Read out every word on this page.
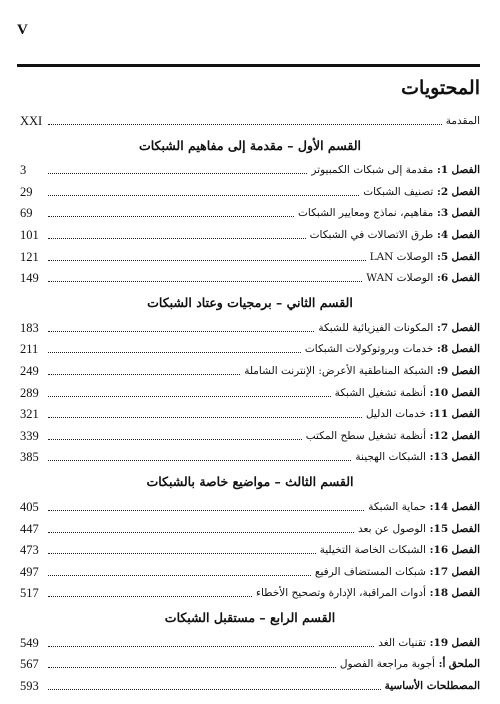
V
المحتويات
المقدمة
XXI
القسم الأول – مقدمة إلى مفاهيم الشبكات
الفصل 1: مقدمة إلى شبكات الكمبيوتر
3
الفصل 2: تصنيف الشبكات
29
الفصل 3: مفاهيم، نماذج ومعايير الشبكات
69
الفصل 4: طرق الاتصالات في الشبكات
101
الفصل 5: الوصلات LAN
121
الفصل 6: الوصلات WAN
149
القسم الثاني – برمجيات وعتاد الشبكات
الفصل 7: المكونات الفيزيائية للشبكة
183
الفصل 8: خدمات وبروتوكولات الشبكات
211
الفصل 9: الشبكة المناطقية الأعرض: الإنترنت الشاملة
249
الفصل 10: أنظمة تشغيل الشبكة
289
الفصل 11: خدمات الدليل
321
الفصل 12: أنظمة تشغيل سطح المكتب
339
الفصل 13: الشبكات الهجينة
385
القسم الثالث – مواضيع خاصة بالشبكات
الفصل 14: حماية الشبكة
405
الفصل 15: الوصول عن بعد
447
الفصل 16: الشبكات الخاصة التخيلية
473
الفصل 17: شبكات المستضاف الرفيع
497
الفصل 18: أدوات المراقبة، الإدارة وتصحيح الأخطاء
517
القسم الرابع – مستقبل الشبكات
الفصل 19: تقنيات الغد
549
الملحق أ: أجوبة مراجعة الفصول
567
المصطلحات الأساسية
593
